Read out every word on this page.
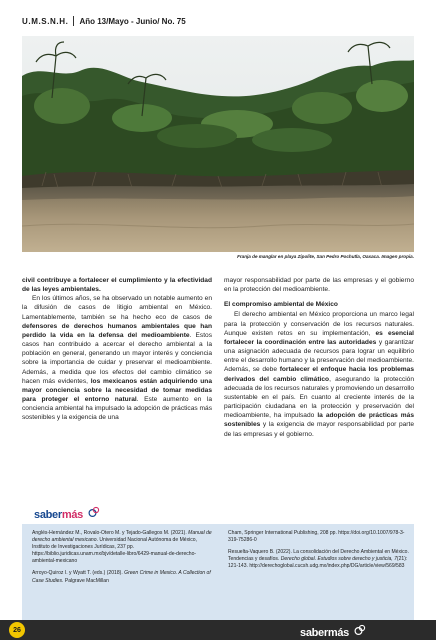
U.M.S.N.H. Año 13/Mayo - Junio/ No. 75
Franja de manglar en playa Zipolite, San Pedro Pochutla, Oaxaca. Imagen propia.

civil contribuye a fortalecer el cumplimiento y la efectividad de las leyes ambientales.

En los últimos años, se ha observado un notable aumento en la difusión de casos de litigio ambiental en México. Lamentablemente, también se ha hecho eco de casos de defensores de derechos humanos ambientales que han perdido la vida en la defensa del medioambiente. Estos casos han contribuido a acercar el derecho ambiental a la población en general, generando un mayor interés y conciencia sobre la importancia de cuidar y preservar el medioambiente. Además, a medida que los efectos del cambio climático se hacen más evidentes, los mexicanos están adquiriendo una mayor conciencia sobre la necesidad de tomar medidas para proteger el entorno natural. Este aumento en la conciencia ambiental ha impulsado la adopción de prácticas más sostenibles y la exigencia de una

mayor responsabilidad por parte de las empresas y el gobierno en la protección del medioambiente.

El compromiso ambiental de México

El derecho ambiental en México proporciona un marco legal para la protección y conservación de los recursos naturales. Aunque existen retos en su implementación, es esencial fortalecer la coordinación entre las autoridades y garantizar una asignación adecuada de recursos para lograr un equilibrio entre el desarrollo humano y la preservación del medioambiente. Además, se debe fortalecer el enfoque hacia los problemas derivados del cambio climático, asegurando la protección adecuada de los recursos naturales y promoviendo un desarrollo sustentable en el país. En cuanto al creciente interés de la participación ciudadana en la protección y preservación del medioambiente, ha impulsado la adopción de prácticas más sostenibles y la exigencia de mayor responsabilidad por parte de las empresas y el gobierno.

sabermás

Anglés-Hernández M., Rovalo-Otero M. y Tejado-Gallegos M. (2021). Manual de derecho ambiental mexicano. Universidad Nacional Autónoma de México, Instituto de Investigaciones Jurídicas, 237 pp. https://biblio.juridicas.unam.mx/bjv/detalle-libro/6429-manual-de-derecho-ambiental-mexicano

Arroyo-Quiroz I. y Wyatt T. (eds.) (2018). Green Crime in Mexico. A Collection of Case Studies. Palgrave MacMillan

Cham, Springer International Publishing, 208 pp. https://doi.org/10.1007/978-3-319-75286-0

Resuelta-Vaquero B. (2022). La consolidación del Derecho Ambiental en México. Tendencias y desafíos. Derecho global. Estudios sobre derecho y justicia, 7(21): 121-143. http://derechoglobal.cucsh.udg.mx/index.php/DG/article/view/569/583

26	sabermás
